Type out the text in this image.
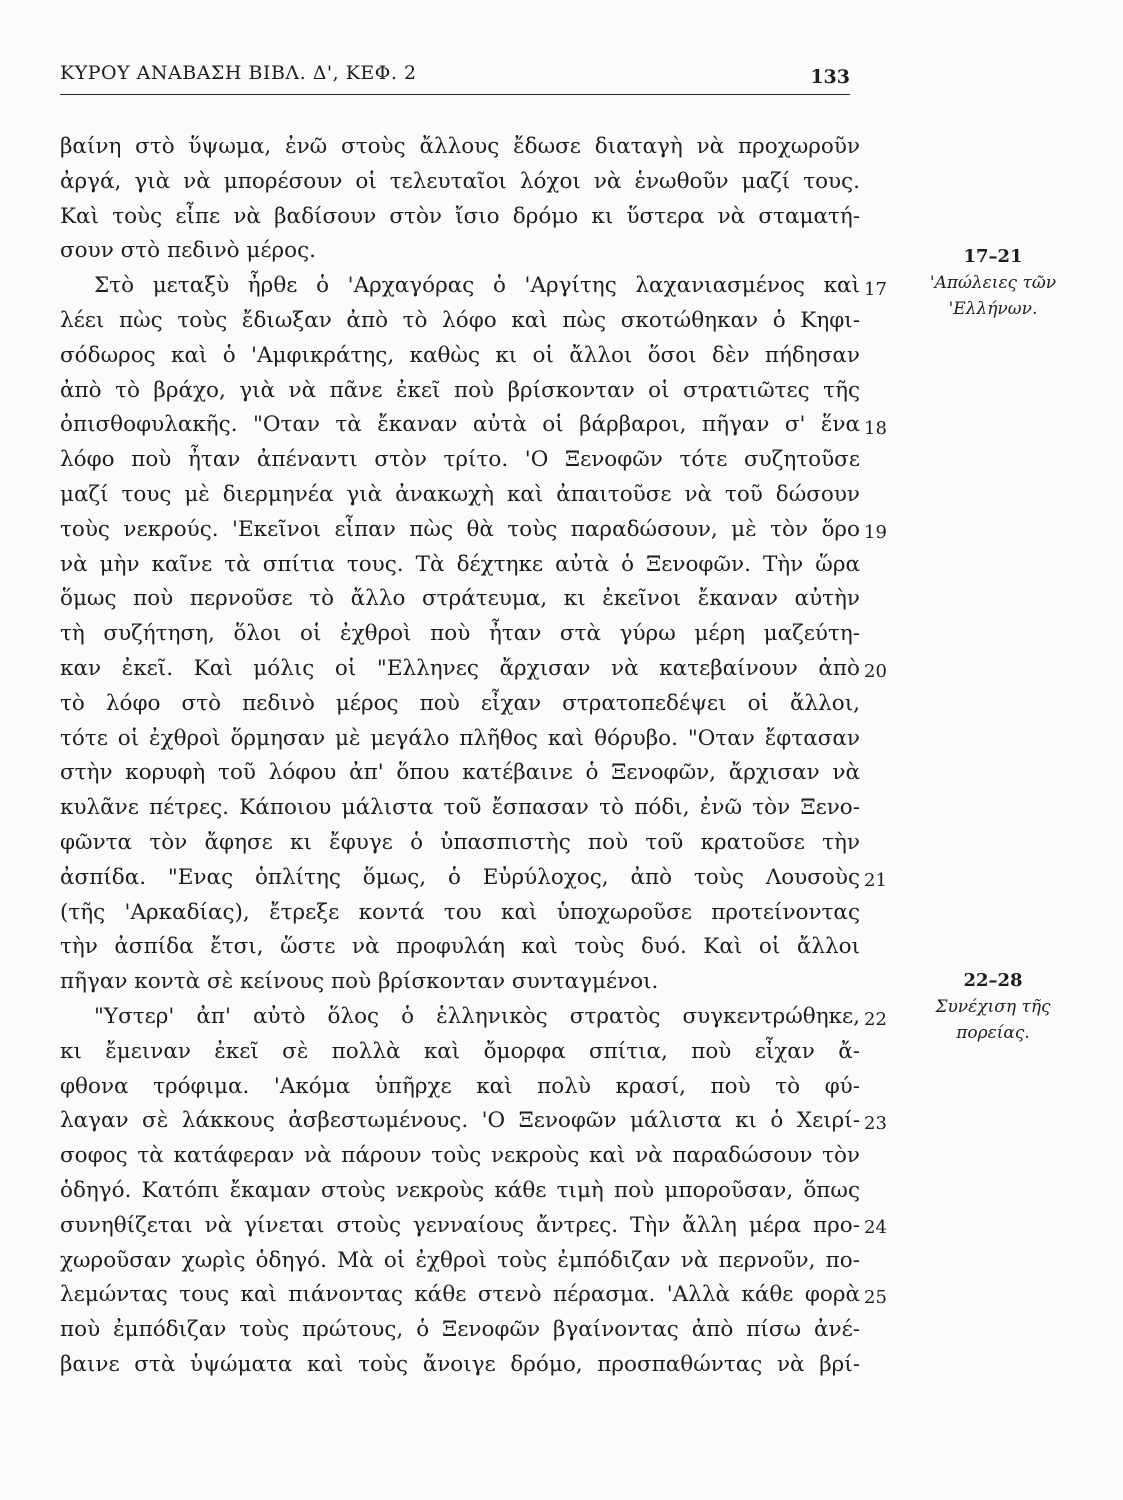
ΚΥΡΟΥ ΑΝΑΒΑΣΗ ΒΙΒΛ. Δ', ΚΕΦ. 2	133
βαίνη στὸ ὕψωμα, ἐνῶ στοὺς ἄλλους ἔδωσε διαταγὴ νὰ προχωροῦν
ἀργά, γιὰ νὰ μπορέσουν οἱ τελευταῖοι λόχοι νὰ ἑνωθοῦν μαζί τους.
Καὶ τοὺς εἶπε νὰ βαδίσουν στὸν ἴσιο δρόμο κι ὕστερα νὰ σταματή-
σουν στὸ πεδινὸ μέρος.
Στὸ μεταξὺ ἦρθε ὁ 'Αρχαγόρας ὁ 'Αργίτης λαχανιασμένος καὶ
λέει πὼς τοὺς ἔδιωξαν ἀπὸ τὸ λόφο καὶ πὼς σκοτώθηκαν ὁ Κηφι-
σόδωρος καὶ ὁ 'Αμφικράτης, καθὼς κι οἱ ἄλλοι ὅσοι δὲν πήδησαν
ἀπὸ τὸ βράχο, γιὰ νὰ πᾶνε ἐκεῖ ποὺ βρίσκονταν οἱ στρατιῶτες τῆς
ὀπισθοφυλακῆς. "Οταν τὰ ἔκαναν αὐτὰ οἱ βάρβαροι, πῆγαν σ' ἕνα
λόφο ποὺ ἦταν ἀπέναντι στὸν τρίτο. 'Ο Ξενοφῶν τότε συζητοῦσε
μαζί τους μὲ διερμηνέα γιὰ ἀνακωχὴ καὶ ἀπαιτοῦσε νὰ τοῦ δώσουν
τοὺς νεκρούς. 'Εκεῖνοι εἶπαν πὼς θὰ τοὺς παραδώσουν, μὲ τὸν ὅρο
νὰ μὴν καῖνε τὰ σπίτια τους. Τὰ δέχτηκε αὐτὰ ὁ Ξενοφῶν. Τὴν ὥρα
ὅμως ποὺ περνοῦσε τὸ ἄλλο στράτευμα, κι ἐκεῖνοι ἔκαναν αὐτὴν
τὴ συζήτηση, ὅλοι οἱ ἐχθροὶ ποὺ ἦταν στὰ γύρω μέρη μαζεύτη-
καν ἐκεῖ. Καὶ μόλις οἱ "Ελληνες ἄρχισαν νὰ κατεβαίνουν ἀπὸ
τὸ λόφο στὸ πεδινὸ μέρος ποὺ εἶχαν στρατοπεδέψει οἱ ἄλλοι,
τότε οἱ ἐχθροὶ ὅρμησαν μὲ μεγάλο πλῆθος καὶ θόρυβο. "Οταν ἔφτασαν
στὴν κορυφὴ τοῦ λόφου ἀπ' ὅπου κατέβαινε ὁ Ξενοφῶν, ἄρχισαν νὰ
κυλᾶνε πέτρες. Κάποιου μάλιστα τοῦ ἔσπασαν τὸ πόδι, ἐνῶ τὸν Ξενο-
φῶντα τὸν ἄφησε κι ἔφυγε ὁ ὑπασπιστὴς ποὺ τοῦ κρατοῦσε τὴν
ἀσπίδα. "Ενας ὁπλίτης ὅμως, ὁ Εὐρύλοχος, ἀπὸ τοὺς Λουσοὺς
(τῆς 'Αρκαδίας), ἔτρεξε κοντά του καὶ ὑποχωροῦσε προτείνοντας
τὴν ἀσπίδα ἔτσι, ὥστε νὰ προφυλάη καὶ τοὺς δυό. Καὶ οἱ ἄλλοι
πῆγαν κοντὰ σὲ κείνους ποὺ βρίσκονταν συνταγμένοι.
"Υστερ' ἀπ' αὐτὸ ὅλος ὁ ἑλληνικὸς στρατὸς συγκεντρώθηκε,
κι ἔμειναν ἐκεῖ σὲ πολλὰ καὶ ὄμορφα σπίτια, ποὺ εἶχαν ἄ-
φθονα τρόφιμα. 'Ακόμα ὑπῆρχε καὶ πολὺ κρασί, ποὺ τὸ φύ-
λαγαν σὲ λάκκους ἀσβεστωμένους. 'Ο Ξενοφῶν μάλιστα κι ὁ Χειρί-
σοφος τὰ κατάφεραν νὰ πάρουν τοὺς νεκροὺς καὶ νὰ παραδώσουν τὸν
ὁδηγό. Κατόπι ἔκαμαν στοὺς νεκροὺς κάθε τιμὴ ποὺ μποροῦσαν, ὅπως
συνηθίζεται νὰ γίνεται στοὺς γενναίους ἄντρες. Τὴν ἄλλη μέρα προ-
χωροῦσαν χωρὶς ὁδηγό. Μὰ οἱ ἐχθροὶ τοὺς ἐμπόδιζαν νὰ περνοῦν, πο-
λεμώντας τους καὶ πιάνοντας κάθε στενὸ πέρασμα. 'Αλλὰ κάθε φορὰ
ποὺ ἐμπόδιζαν τοὺς πρώτους, ὁ Ξενοφῶν βγαίνοντας ἀπὸ πίσω ἀνέ-
βαινε στὰ ὑψώματα καὶ τοὺς ἄνοιγε δρόμο, προσπαθώντας νὰ βρί-
17
18
19
20
21
22
23
24
25
17–21
'Απώλειες τῶν
'Ελλήνων.
22–28
Συνέχιση τῆς
πορείας.
